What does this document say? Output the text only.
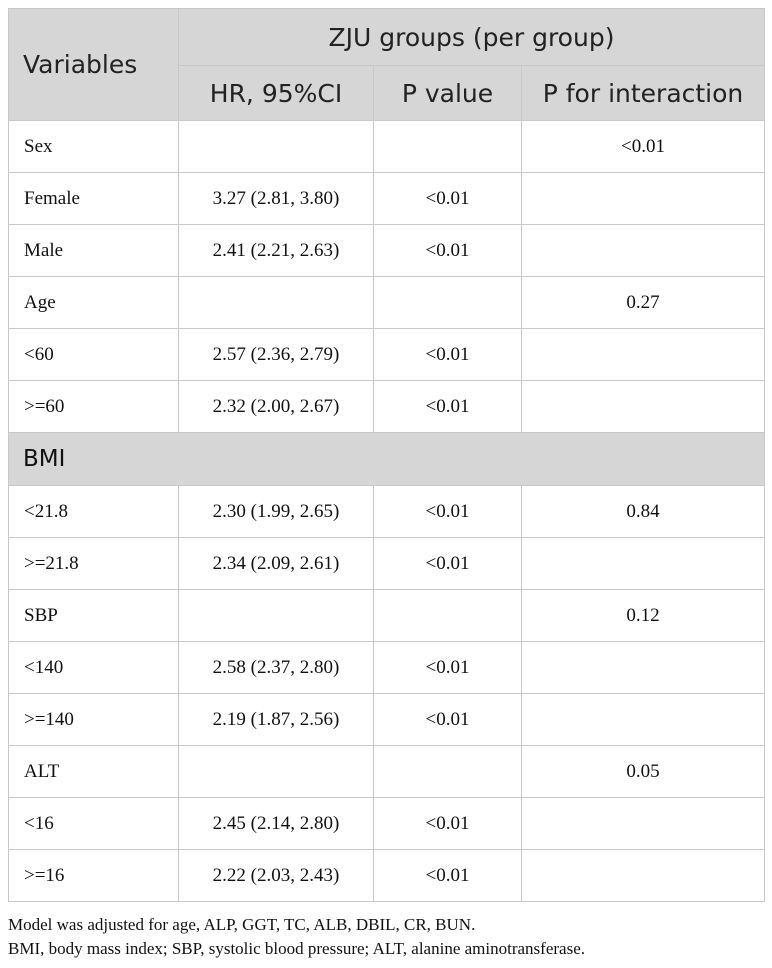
Variables	ZJU groups (per group)		
	HR, 95%CI	P value	P for interaction
Sex			<0.01
Female	3.27 (2.81, 3.80)	<0.01	
Male	2.41 (2.21, 2.63)	<0.01	
Age			0.27
<60	2.57 (2.36, 2.79)	<0.01	
>=60	2.32 (2.00, 2.67)	<0.01	
BMI			
<21.8	2.30 (1.99, 2.65)	<0.01	0.84
>=21.8	2.34 (2.09, 2.61)	<0.01	
SBP			0.12
<140	2.58 (2.37, 2.80)	<0.01	
>=140	2.19 (1.87, 2.56)	<0.01	
ALT			0.05
<16	2.45 (2.14, 2.80)	<0.01	
>=16	2.22 (2.03, 2.43)	<0.01	
Model was adjusted for age, ALP, GGT, TC, ALB, DBIL, CR, BUN.
BMI, body mass index; SBP, systolic blood pressure; ALT, alanine aminotransferase.
